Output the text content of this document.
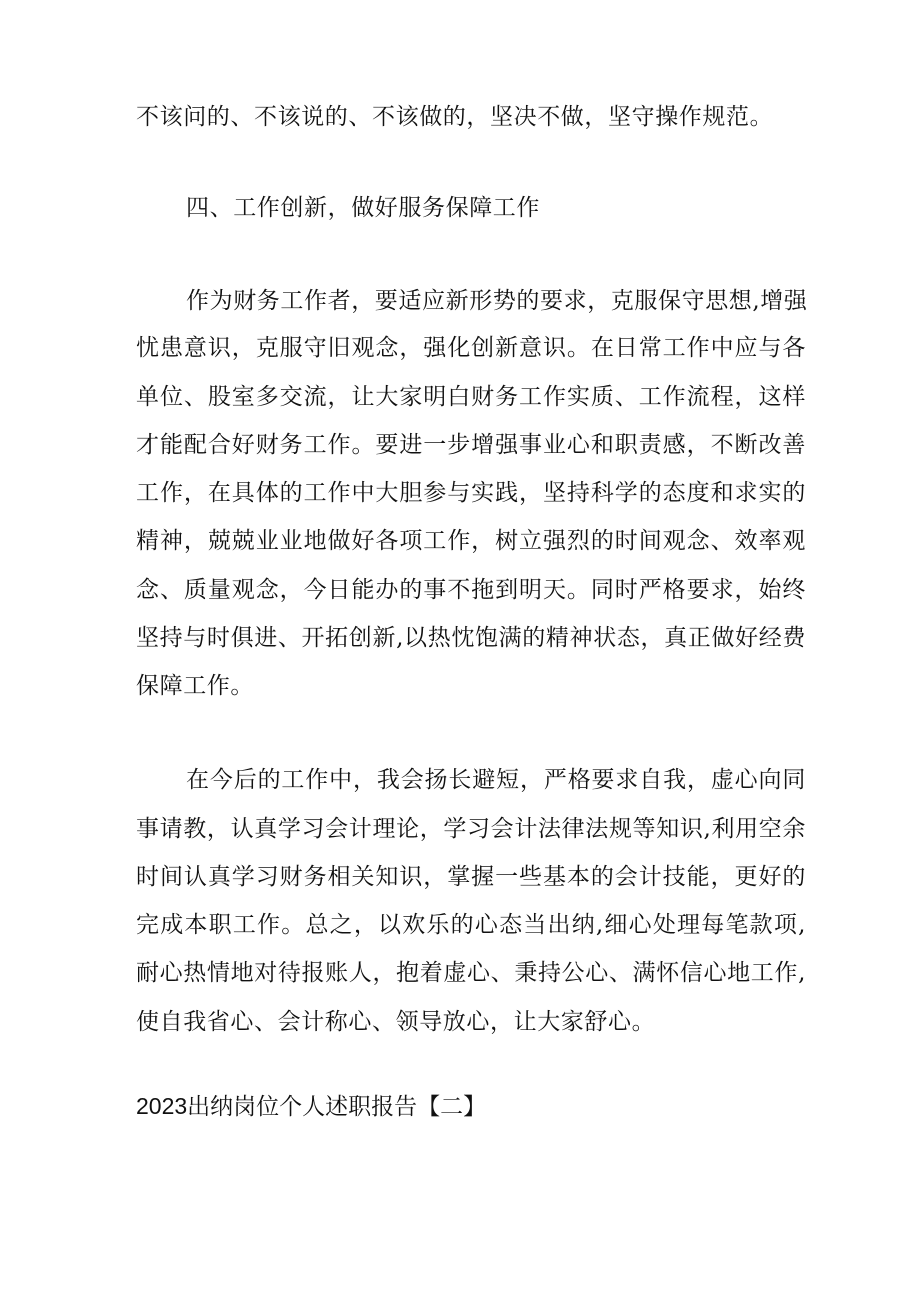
不该问的、不该说的、不该做的，坚决不做，坚守操作规范。
四、工作创新，做好服务保障工作
作为财务工作者，要适应新形势的要求，克服保守思想,增强
忧患意识，克服守旧观念，强化创新意识。在日常工作中应与各
单位、股室多交流，让大家明白财务工作实质、工作流程，这样
才能配合好财务工作。要进一步增强事业心和职责感，不断改善
工作，在具体的工作中大胆参与实践，坚持科学的态度和求实的
精神，兢兢业业地做好各项工作，树立强烈的时间观念、效率观
念、质量观念，今日能办的事不拖到明天。同时严格要求，始终
坚持与时俱进、开拓创新,以热忱饱满的精神状态，真正做好经费
保障工作。
在今后的工作中，我会扬长避短，严格要求自我，虚心向同
事请教，认真学习会计理论，学习会计法律法规等知识,利用空余
时间认真学习财务相关知识，掌握一些基本的会计技能，更好的
完成本职工作。总之，以欢乐的心态当出纳,细心处理每笔款项,
耐心热情地对待报账人，抱着虚心、秉持公心、满怀信心地工作,
使自我省心、会计称心、领导放心，让大家舒心。
2023出纳岗位个人述职报告【二】
